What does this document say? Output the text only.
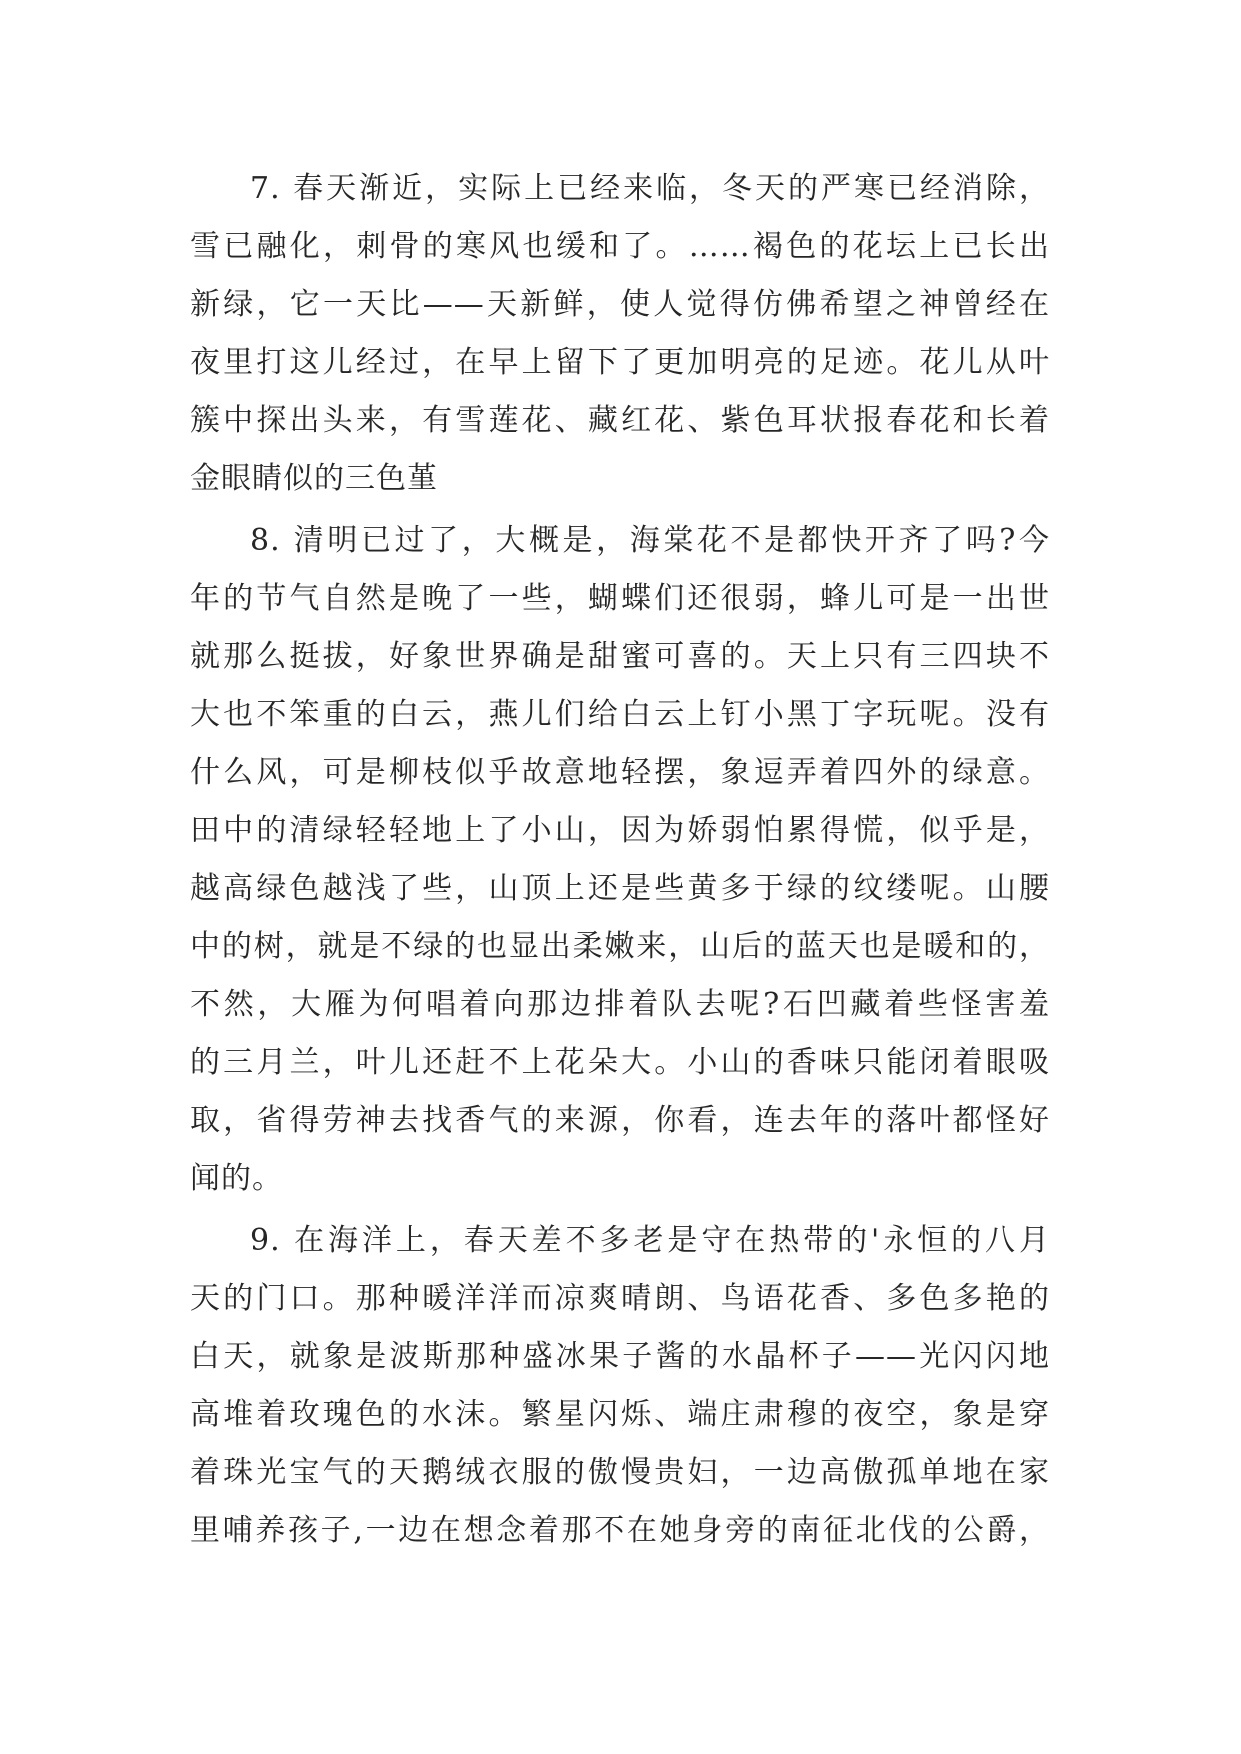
7. 春天渐近，实际上已经来临，冬天的严寒已经消除，
雪已融化，刺骨的寒风也缓和了。……褐色的花坛上已长出
新绿，它一天比——天新鲜，使人觉得仿佛希望之神曾经在
夜里打这儿经过，在早上留下了更加明亮的足迹。花儿从叶
簇中探出头来，有雪莲花、藏红花、紫色耳状报春花和长着
金眼睛似的三色堇
8. 清明已过了，大概是，海棠花不是都快开齐了吗?今
年的节气自然是晚了一些，蝴蝶们还很弱，蜂儿可是一出世
就那么挺拔，好象世界确是甜蜜可喜的。天上只有三四块不
大也不笨重的白云，燕儿们给白云上钉小黑丁字玩呢。没有
什么风，可是柳枝似乎故意地轻摆，象逗弄着四外的绿意。
田中的清绿轻轻地上了小山，因为娇弱怕累得慌，似乎是，
越高绿色越浅了些，山顶上还是些黄多于绿的纹缕呢。山腰
中的树，就是不绿的也显出柔嫩来，山后的蓝天也是暖和的，
不然，大雁为何唱着向那边排着队去呢?石凹藏着些怪害羞
的三月兰，叶儿还赶不上花朵大。小山的香味只能闭着眼吸
取，省得劳神去找香气的来源，你看，连去年的落叶都怪好
闻的。
9. 在海洋上，春天差不多老是守在热带的'永恒的八月
天的门口。那种暖洋洋而凉爽晴朗、鸟语花香、多色多艳的
白天，就象是波斯那种盛冰果子酱的水晶杯子——光闪闪地
高堆着玫瑰色的水沫。繁星闪烁、端庄肃穆的夜空，象是穿
着珠光宝气的天鹅绒衣服的傲慢贵妇，一边高傲孤单地在家
里哺养孩子,一边在想念着那不在她身旁的南征北伐的公爵，
